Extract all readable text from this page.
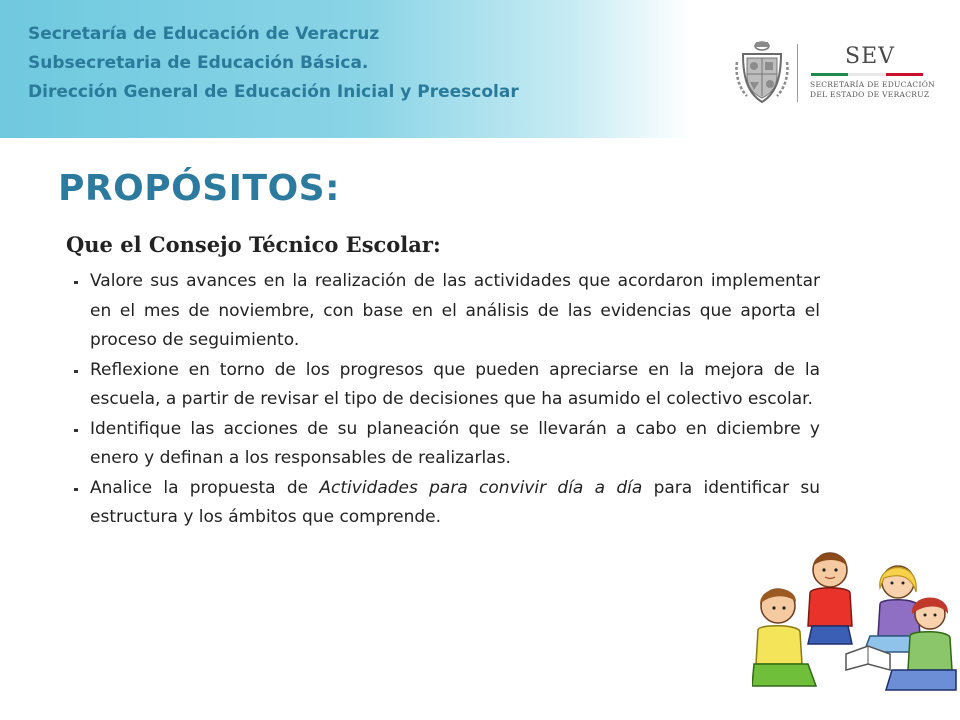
Secretaría de Educación de Veracruz
Subsecretaria de Educación Básica.
Dirección General de Educación Inicial y Preescolar
SEV
SECRETARÍA DE EDUCACIÓN
DEL ESTADO DE VERACRUZ
PROPÓSITOS:
Que el Consejo Técnico Escolar:
Valore sus avances en la realización de las actividades que acordaron implementar en el mes de noviembre, con base en el análisis de las evidencias que aporta el proceso de seguimiento.
Reflexione en torno de los progresos que pueden apreciarse en la mejora de la escuela, a partir de revisar el tipo de decisiones que ha asumido el colectivo escolar.
Identifique las acciones de su planeación que se llevarán a cabo en diciembre y enero y definan a los responsables de realizarlas.
Analice la propuesta de Actividades para convivir día a día para identificar su estructura y los ámbitos que comprende.
